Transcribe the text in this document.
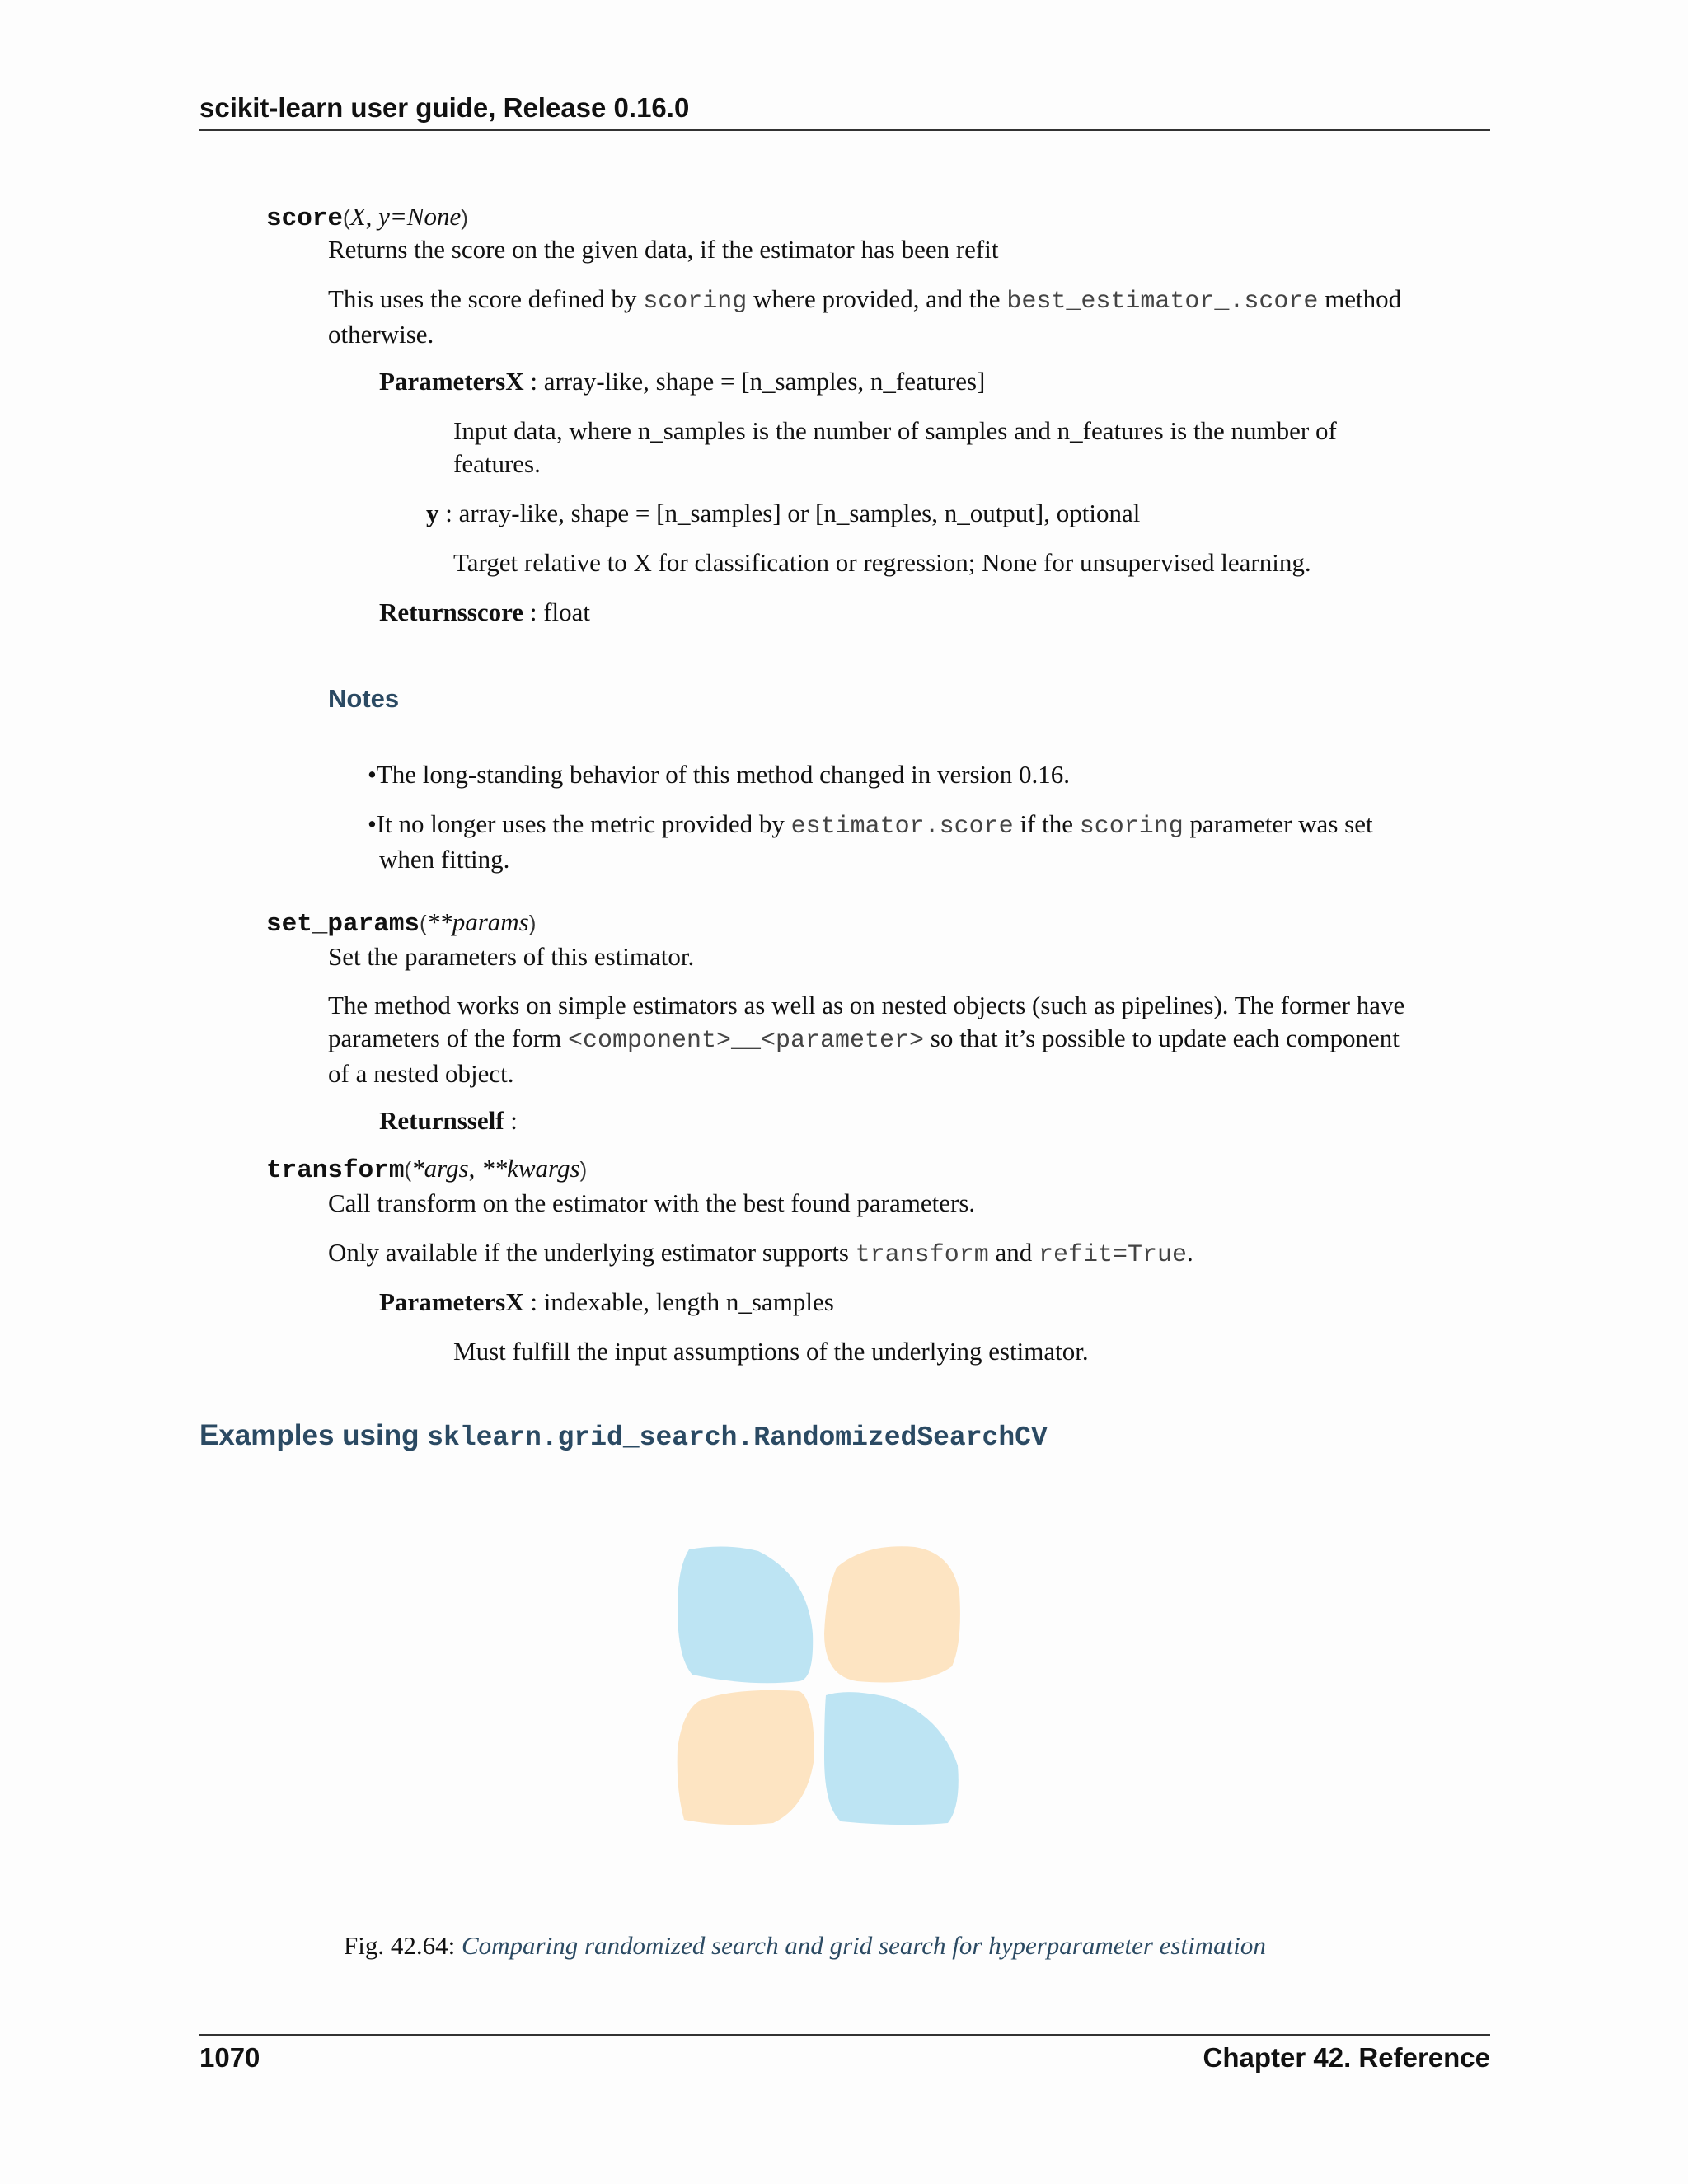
scikit-learn user guide, Release 0.16.0
score(X, y=None)
Returns the score on the given data, if the estimator has been refit
This uses the score defined by scoring where provided, and the best_estimator_.score method
otherwise.
ParametersX : array-like, shape = [n_samples, n_features]
Input data, where n_samples is the number of samples and n_features is the number of
features.
y : array-like, shape = [n_samples] or [n_samples, n_output], optional
Target relative to X for classification or regression; None for unsupervised learning.
Returnsscore : float
Notes
•The long-standing behavior of this method changed in version 0.16.
•It no longer uses the metric provided by estimator.score if the scoring parameter was set
when fitting.
set_params(**params)
Set the parameters of this estimator.
The method works on simple estimators as well as on nested objects (such as pipelines). The former have
parameters of the form <component>__<parameter> so that it’s possible to update each component
of a nested object.
Returnsself :
transform(*args, **kwargs)
Call transform on the estimator with the best found parameters.
Only available if the underlying estimator supports transform and refit=True.
ParametersX : indexable, length n_samples
Must fulfill the input assumptions of the underlying estimator.
Examples using sklearn.grid_search.RandomizedSearchCV
Fig. 42.64: Comparing randomized search and grid search for hyperparameter estimation
1070	Chapter 42. Reference
